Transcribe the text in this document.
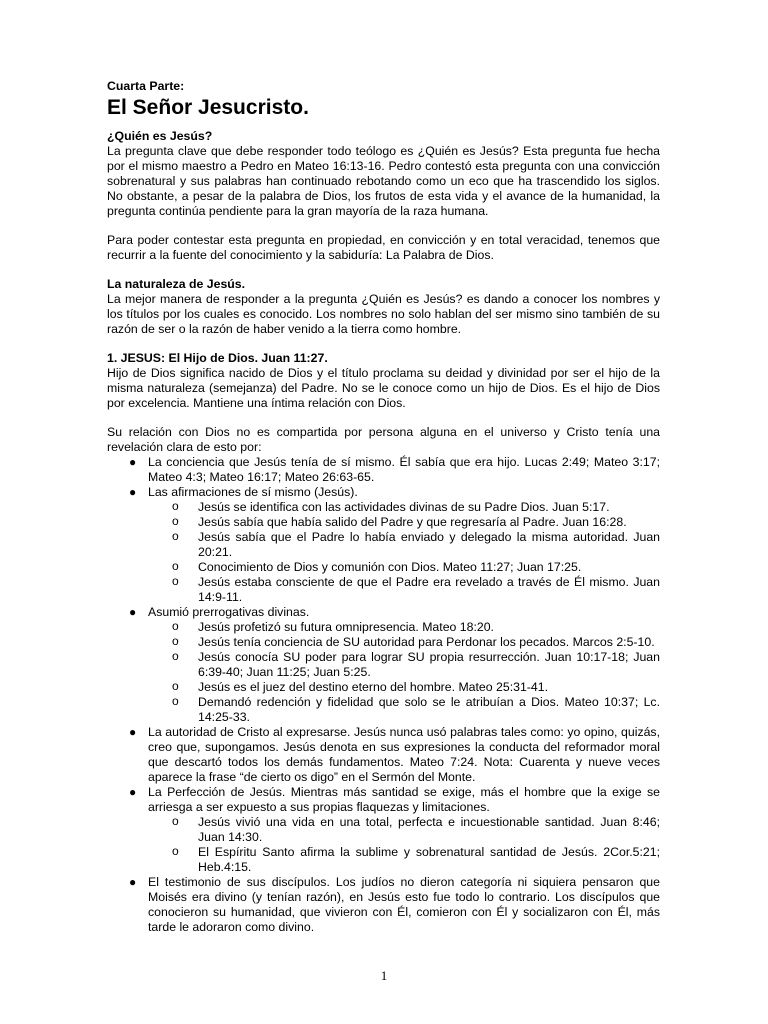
Cuarta Parte:

El Señor Jesucristo.

¿Quién es Jesús?

La pregunta clave que debe responder todo teólogo es ¿Quién es Jesús? Esta pregunta fue hecha por el mismo maestro a Pedro en Mateo 16:13-16. Pedro contestó esta pregunta con una convicción sobrenatural y sus palabras han continuado rebotando como un eco que ha trascendido los siglos. No obstante, a pesar de la palabra de Dios, los frutos de esta vida y el avance de la humanidad, la pregunta continúa pendiente para la gran mayoría de la raza humana.

Para poder contestar esta pregunta en propiedad, en convicción y en total veracidad, tenemos que recurrir a la fuente del conocimiento y la sabiduría: La Palabra de Dios.

La naturaleza de Jesús.

La mejor manera de responder a la pregunta ¿Quién es Jesús? es dando a conocer los nombres y los títulos por los cuales es conocido. Los nombres no solo hablan del ser mismo sino también de su razón de ser o la razón de haber venido a la tierra como hombre.

1. JESUS: El Hijo de Dios. Juan 11:27.

Hijo de Dios significa nacido de Dios y el título proclama su deidad y divinidad por ser el hijo de la misma naturaleza (semejanza) del Padre. No se le conoce como un hijo de Dios. Es el hijo de Dios por excelencia. Mantiene una íntima relación con Dios.

Su relación con Dios no es compartida por persona alguna en el universo y Cristo tenía una revelación clara de esto por:

● La conciencia que Jesús tenía de sí mismo. Él sabía que era hijo. Lucas 2:49; Mateo 3:17; Mateo 4:3; Mateo 16:17; Mateo 26:63-65.
● Las afirmaciones de sí mismo (Jesús).
o Jesús se identifica con las actividades divinas de su Padre Dios. Juan 5:17.
o Jesús sabía que había salido del Padre y que regresaría al Padre. Juan 16:28.
o Jesús sabía que el Padre lo había enviado y delegado la misma autoridad. Juan 20:21.
o Conocimiento de Dios y comunión con Dios. Mateo 11:27; Juan 17:25.
o Jesús estaba consciente de que el Padre era revelado a través de Él mismo. Juan 14:9-11.
● Asumió prerrogativas divinas.
o Jesús profetizó su futura omnipresencia. Mateo 18:20.
o Jesús tenía conciencia de SU autoridad para Perdonar los pecados. Marcos 2:5-10.
o Jesús conocía SU poder para lograr SU propia resurrección. Juan 10:17-18; Juan 6:39-40; Juan 11:25; Juan 5:25.
o Jesús es el juez del destino eterno del hombre. Mateo 25:31-41.
o Demandó redención y fidelidad que solo se le atribuían a Dios. Mateo 10:37; Lc. 14:25-33.
● La autoridad de Cristo al expresarse. Jesús nunca usó palabras tales como: yo opino, quizás, creo que, supongamos. Jesús denota en sus expresiones la conducta del reformador moral que descartó todos los demás fundamentos. Mateo 7:24. Nota: Cuarenta y nueve veces aparece la frase “de cierto os digo” en el Sermón del Monte.
● La Perfección de Jesús. Mientras más santidad se exige, más el hombre que la exige se arriesga a ser expuesto a sus propias flaquezas y limitaciones.
o Jesús vivió una vida en una total, perfecta e incuestionable santidad. Juan 8:46; Juan 14:30.
o El Espíritu Santo afirma la sublime y sobrenatural santidad de Jesús. 2Cor.5:21; Heb.4:15.
● El testimonio de sus discípulos. Los judíos no dieron categoría ni siquiera pensaron que Moisés era divino (y tenían razón), en Jesús esto fue todo lo contrario. Los discípulos que conocieron su humanidad, que vivieron con Él, comieron con Él y socializaron con Él, más tarde le adoraron como divino.
1
